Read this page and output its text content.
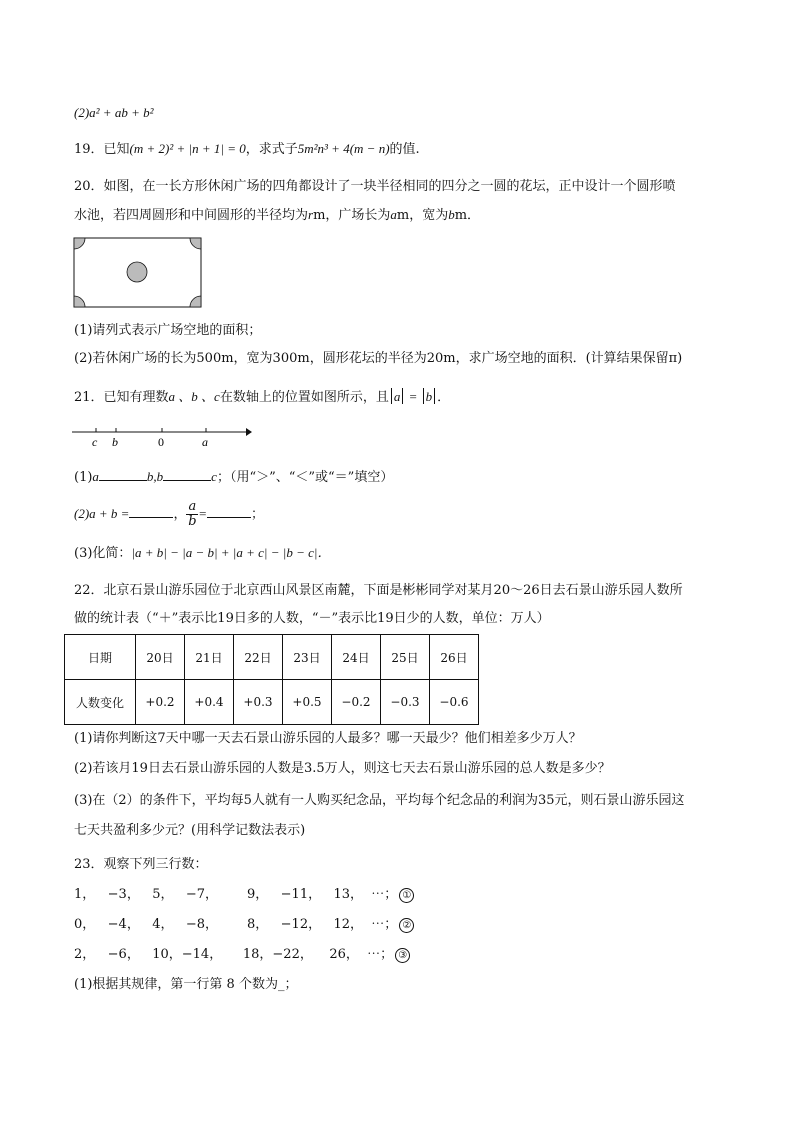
(2)a² + ab + b²
19．已知(m + 2)² + |n + 1| = 0，求式子5m²n³ + 4(m − n)的值.
20．如图，在一长方形休闲广场的四角都设计了一块半径相同的四分之一圆的花坛，正中设计一个圆形喷
水池，若四周圆形和中间圆形的半径均为rm，广场长为am，宽为bm．
(1)请列式表示广场空地的面积；
(2)若休闲广场的长为500m，宽为300m，圆形花坛的半径为20m，求广场空地的面积．(计算结果保留π)
21．已知有理数a 、b 、c在数轴上的位置如图所示，且 a = b ．
c b	0	a
(1)a	b,b	c；（用“＞”、“＜”或“＝”填空）
(2)a + b =	， $\frac{a}{b}$ =	；
(3)化简：|a + b| − |a − b| + |a + c| − |b − c|．
22．北京石景山游乐园位于北京西山风景区南麓，下面是彬彬同学对某月20～26日去石景山游乐园人数所
做的统计表（“＋”表示比19日多的人数，“－”表示比19日少的人数，单位：万人）
日期	20日	21日	22日	23日	24日	25日	26日
人数变化	+0.2	+0.4	+0.3	+0.5	−0.2	−0.3	−0.6
(1)请你判断这7天中哪一天去石景山游乐园的人最多？哪一天最少？他们相差多少万人？
(2)若该月19日去石景山游乐园的人数是3.5万人，则这七天去石景山游乐园的总人数是多少？
(3)在（2）的条件下，平均每5人就有一人购买纪念品，平均每个纪念品的利润为35元，则石景山游乐园这
七天共盈利多少元？(用科学记数法表示)
23．观察下列三行数：
1，   −3，   5，   −7，       9，   −11，   13，  ⋯； ①
0，   −4，   4，   −8，       8，   −12，   12，  ⋯； ②
2，   −6，   10，−14，     18，−22，    26，  ⋯； ③
(1)根据其规律，第一行第 8 个数为_；
